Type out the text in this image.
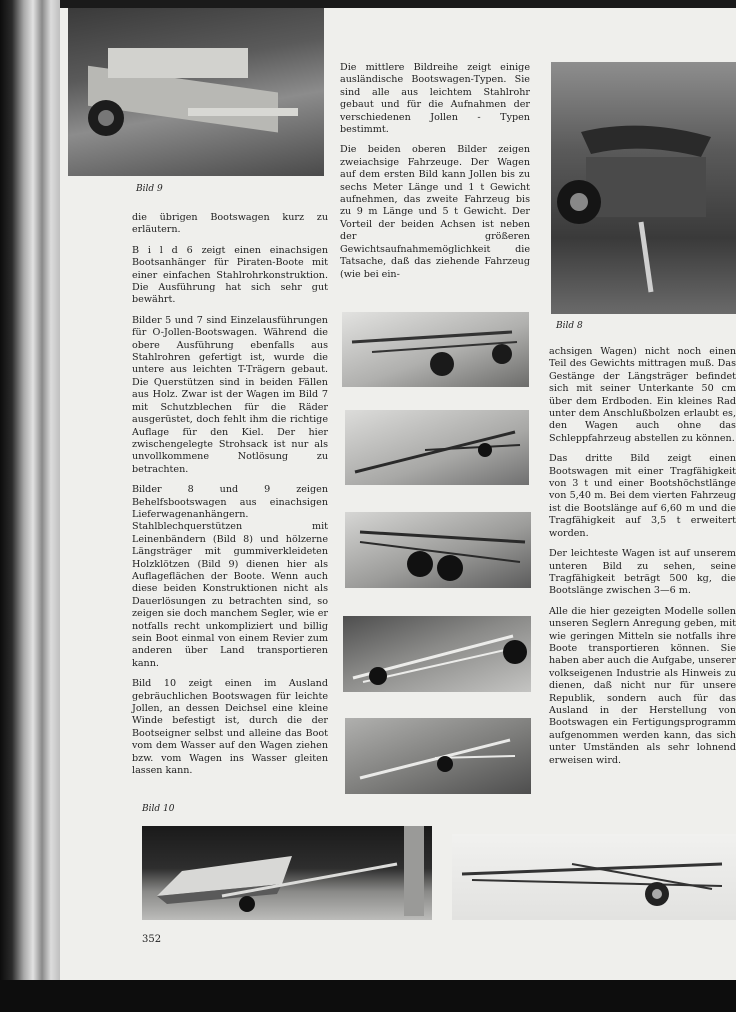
Bild 9

die übrigen Bootswagen kurz zu erläutern.

B i l d 6 zeigt einen einachsigen Bootsanhänger für Piraten-Boote mit einer einfachen Stahlrohrkonstruktion. Die Ausführung hat sich sehr gut bewährt.

Bilder 5 und 7 sind Einzelausführungen für O-Jollen-Bootswagen. Während die obere Ausführung ebenfalls aus Stahlrohren gefertigt ist, wurde die untere aus leichten T-Trägern gebaut. Die Querstützen sind in beiden Fällen aus Holz. Zwar ist der Wagen im Bild 7 mit Schutzblechen für die Räder ausgerüstet, doch fehlt ihm die richtige Auflage für den Kiel. Der hier zwischengelegte Strohsack ist nur als unvollkommene Notlösung zu betrachten.

Bilder 8 und 9 zeigen Behelfsbootswagen aus einachsigen Lieferwagenanhängern. Stahlblechquerstützen mit Leinenbändern (Bild 8) und hölzerne Längsträger mit gummiverkleideten Holzklötzen (Bild 9) dienen hier als Auflageflächen der Boote. Wenn auch diese beiden Konstruktionen nicht als Dauerlösungen zu betrachten sind, so zeigen sie doch manchem Segler, wie er notfalls recht unkompliziert und billig sein Boot einmal von einem Revier zum anderen über Land transportieren kann.

Bild 10 zeigt einen im Ausland gebräuchlichen Bootswagen für leichte Jollen, an dessen Deichsel eine kleine Winde befestigt ist, durch die der Bootseigner selbst und alleine das Boot vom dem Wasser auf den Wagen ziehen bzw. vom Wagen ins Wasser gleiten lassen kann.

Bild 10

Die mittlere Bildreihe zeigt einige ausländische Bootswagen-Typen. Sie sind alle aus leichtem Stahlrohr gebaut und für die Aufnahmen der verschiedenen Jollen - Typen bestimmt.

Die beiden oberen Bilder zeigen zweiachsige Fahrzeuge. Der Wagen auf dem ersten Bild kann Jollen bis zu sechs Meter Länge und 1 t Gewicht aufnehmen, das zweite Fahrzeug bis zu 9 m Länge und 5 t Gewicht. Der Vorteil der beiden Achsen ist neben der größeren Gewichtsaufnahmemöglichkeit die Tatsache, daß das ziehende Fahrzeug (wie bei ein-

Bild 8

achsigen Wagen) nicht noch einen Teil des Gewichts mittragen muß. Das Gestänge der Längsträger befindet sich mit seiner Unterkante 50 cm über dem Erdboden. Ein kleines Rad unter dem Anschlußbolzen erlaubt es, den Wagen auch ohne das Schleppfahrzeug abstellen zu können.

Das dritte Bild zeigt einen Bootswagen mit einer Tragfähigkeit von 3 t und einer Bootshöchstlänge von 5,40 m. Bei dem vierten Fahrzeug ist die Bootslänge auf 6,60 m und die Tragfähigkeit auf 3,5 t erweitert worden.

Der leichteste Wagen ist auf unserem unteren Bild zu sehen, seine Tragfähigkeit beträgt 500 kg, die Bootslänge zwischen 3—6 m.

Alle die hier gezeigten Modelle sollen unseren Seglern Anregung geben, mit wie geringen Mitteln sie notfalls ihre Boote transportieren können. Sie haben aber auch die Aufgabe, unserer volkseigenen Industrie als Hinweis zu dienen, daß nicht nur für unsere Republik, sondern auch für das Ausland in der Herstellung von Bootswagen ein Fertigungsprogramm aufgenommen werden kann, das sich unter Umständen als sehr lohnend erweisen wird.

352
